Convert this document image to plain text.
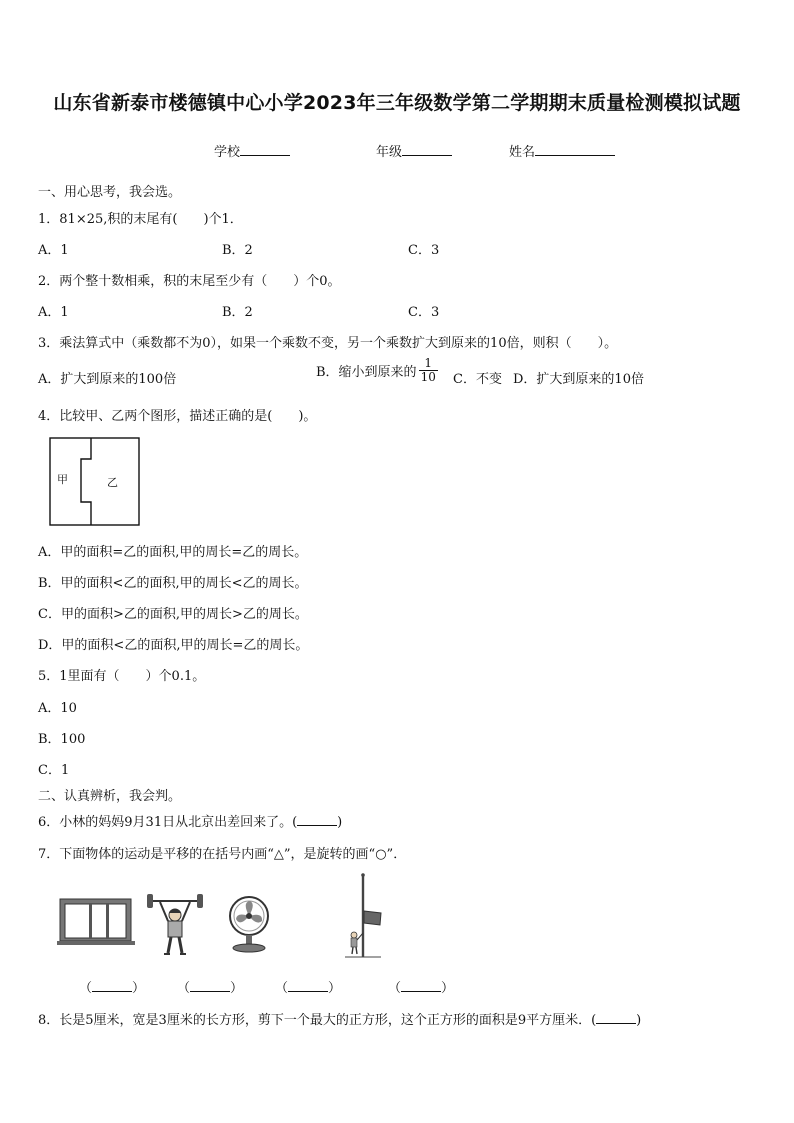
山东省新泰市楼德镇中心小学2023年三年级数学第二学期期末质量检测模拟试题
学校	年级	姓名
一、用心思考，我会选。
1．81×25,积的末尾有(　　)个1．
A．1	B．2	C．3
2．两个整十数相乘，积的末尾至少有（　　）个0。
A．1	B．2	C．3
3．乘法算式中（乘数都不为0），如果一个乘数不变，另一个乘数扩大到原来的10倍，则积（　　）。
A．扩大到原来的100倍	B．缩小到原来的 $\frac{1}{10}$ C．不变 D．扩大到原来的10倍
4．比较甲、乙两个图形，描述正确的是(　　)。
甲	乙
A．甲的面积=乙的面积,甲的周长=乙的周长。
B．甲的面积<乙的面积,甲的周长<乙的周长。
C．甲的面积>乙的面积,甲的周长>乙的周长。
D．甲的面积<乙的面积,甲的周长=乙的周长。
5．1里面有（　　）个0.1。
A．10
B．100
C．1
二、认真辨析，我会判。
6．小林的妈妈9月31日从北京出差回来了。(	)
7．下面物体的运动是平移的在括号内画“△”，是旋转的画“○”．
（	） （	） （	）	（	）
8．长是5厘米，宽是3厘米的长方形，剪下一个最大的正方形，这个正方形的面积是9平方厘米．(	)
